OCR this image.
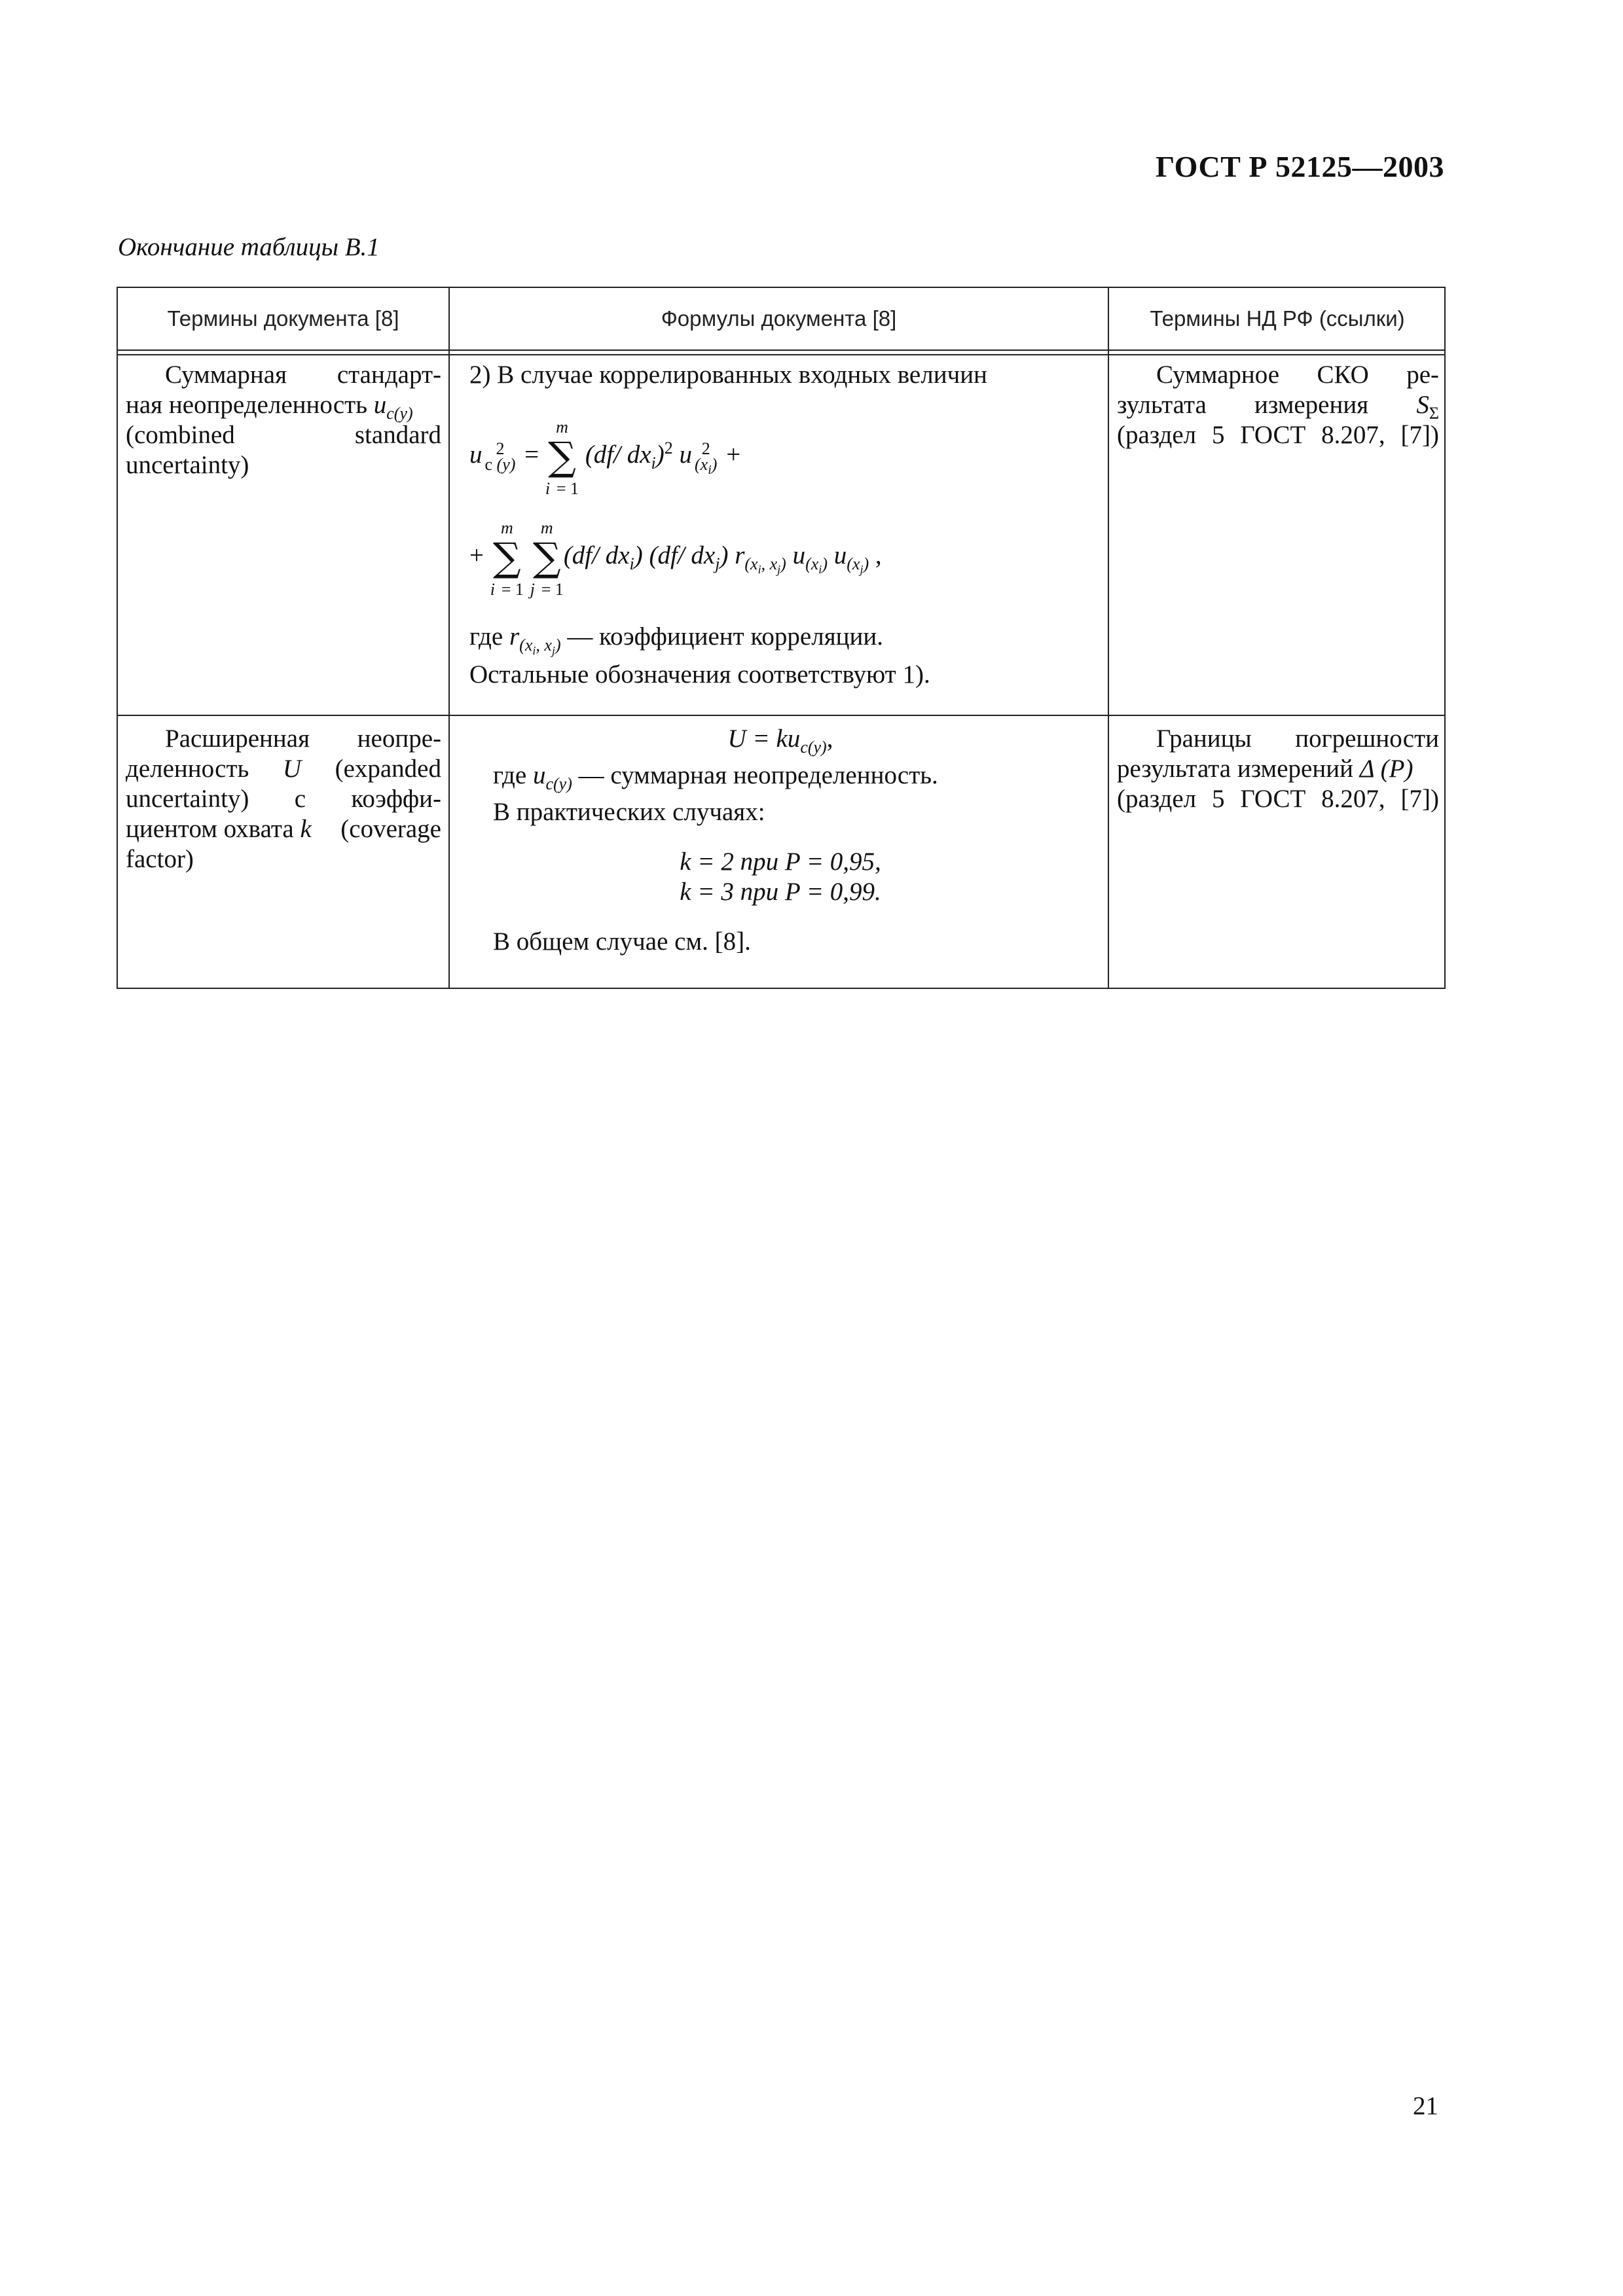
ГОСТ Р 52125—2003
Окончание таблицы В.1
Термины документа [8]	Формулы документа [8]	Термины НД РФ (ссылки)
Суммарная стандарт-
ная неопределенность $u_{c(y)}$
(combined standard
uncertainty)
2) В случае коррелированных входных величин
u 2
с (y) = m
∑
i = 1 (df/ $dx_i)^2$ u 2
$(x_i)$ +
+ m
∑
i = 1 m
∑
j = 1(df/ $dx_i$) (df/ $dx_j$) $r_{(x_i, x_j)}$ $u_{(x_i)}$ $u_{(x_j)}$ ,
где $r_{(x_i, x_j)}$ — коэффициент корреляции.
Остальные обозначения соответствуют 1).
Суммарное СКО ре-
зультата измерения $S_\Sigma$
(раздел 5 ГОСТ 8.207, [7])
Расширенная неопре-
деленность U (expanded
uncertainty) с коэффи-
циентом охвата k (coverage
factor)
$U = ku_{c(y)}$,
где $u_{c(y)}$ — суммарная неопределенность.
В практических случаях:
k = 2 при P = 0,95,
k = 3 при P = 0,99.
В общем случае см. [8].
Границы погрешности
результата измерений Δ (P)
(раздел 5 ГОСТ 8.207, [7])
21
